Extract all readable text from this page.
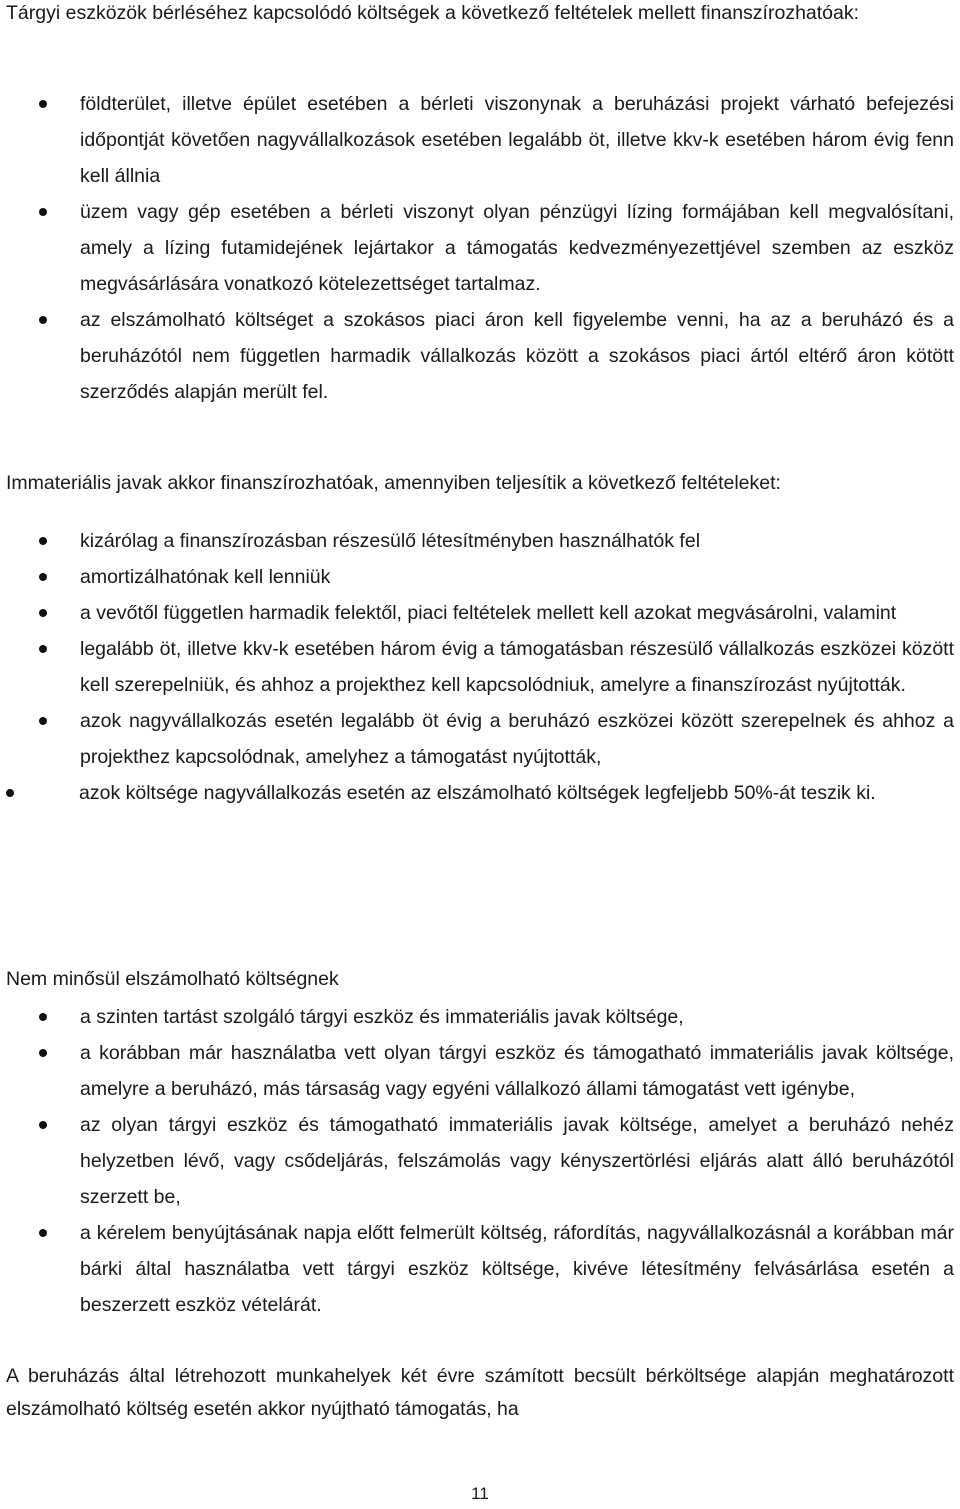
Tárgyi eszközök bérléséhez kapcsolódó költségek a következő feltételek mellett finanszírozhatóak:

földterület, illetve épület esetében a bérleti viszonynak a beruházási projekt várható befejezési időpontját követően nagyvállalkozások esetében legalább öt, illetve kkv-k esetében három évig fenn kell állnia
üzem vagy gép esetében a bérleti viszonyt olyan pénzügyi lízing formájában kell megvalósítani, amely a lízing futamidejének lejártakor a támogatás kedvezményezettjével szemben az eszköz megvásárlására vonatkozó kötelezettséget tartalmaz.
az elszámolható költséget a szokásos piaci áron kell figyelembe venni, ha az a beruházó és a beruházótól nem független harmadik vállalkozás között a szokásos piaci ártól eltérő áron kötött szerződés alapján merült fel.

Immateriális javak akkor finanszírozhatóak, amennyiben teljesítik a következő feltételeket:

kizárólag a finanszírozásban részesülő létesítményben használhatók fel
amortizálhatónak kell lenniük
a vevőtől független harmadik felektől, piaci feltételek mellett kell azokat megvásárolni, valamint
legalább öt, illetve kkv-k esetében három évig a támogatásban részesülő vállalkozás eszközei között kell szerepelniük, és ahhoz a projekthez kell kapcsolódniuk, amelyre a finanszírozást nyújtották.
azok nagyvállalkozás esetén legalább öt évig a beruházó eszközei között szerepelnek és ahhoz a projekthez kapcsolódnak, amelyhez a támogatást nyújtották,
azok költsége nagyvállalkozás esetén az elszámolható költségek legfeljebb 50%-át teszik ki.

Nem minősül elszámolható költségnek

a szinten tartást szolgáló tárgyi eszköz és immateriális javak költsége,
a korábban már használatba vett olyan tárgyi eszköz és támogatható immateriális javak költsége, amelyre a beruházó, más társaság vagy egyéni vállalkozó állami támogatást vett igénybe,
az olyan tárgyi eszköz és támogatható immateriális javak költsége, amelyet a beruházó nehéz helyzetben lévő, vagy csődeljárás, felszámolás vagy kényszertörlési eljárás alatt álló beruházótól szerzett be,
a kérelem benyújtásának napja előtt felmerült költség, ráfordítás, nagyvállalkozásnál a korábban már bárki által használatba vett tárgyi eszköz költsége, kivéve létesítmény felvásárlása esetén a beszerzett eszköz vételárát.

A beruházás által létrehozott munkahelyek két évre számított becsült bérköltsége alapján meghatározott elszámolható költség esetén akkor nyújtható támogatás, ha

11
